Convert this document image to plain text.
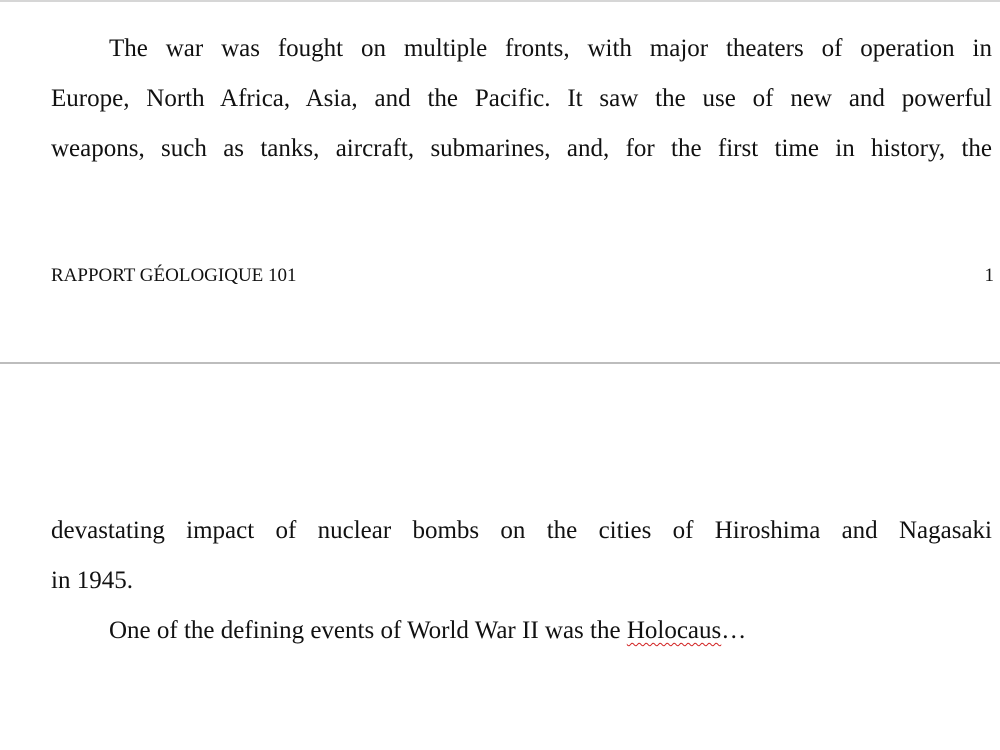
The war was fought on multiple fronts, with major theaters of operation in
Europe, North Africa, Asia, and the Pacific. It saw the use of new and powerful
weapons, such as tanks, aircraft, submarines, and, for the first time in history, the
RAPPORT GÉOLOGIQUE 101	1
devastating impact of nuclear bombs on the cities of Hiroshima and Nagasaki
in 1945.
One of the defining events of World War II was the Holocaus…
